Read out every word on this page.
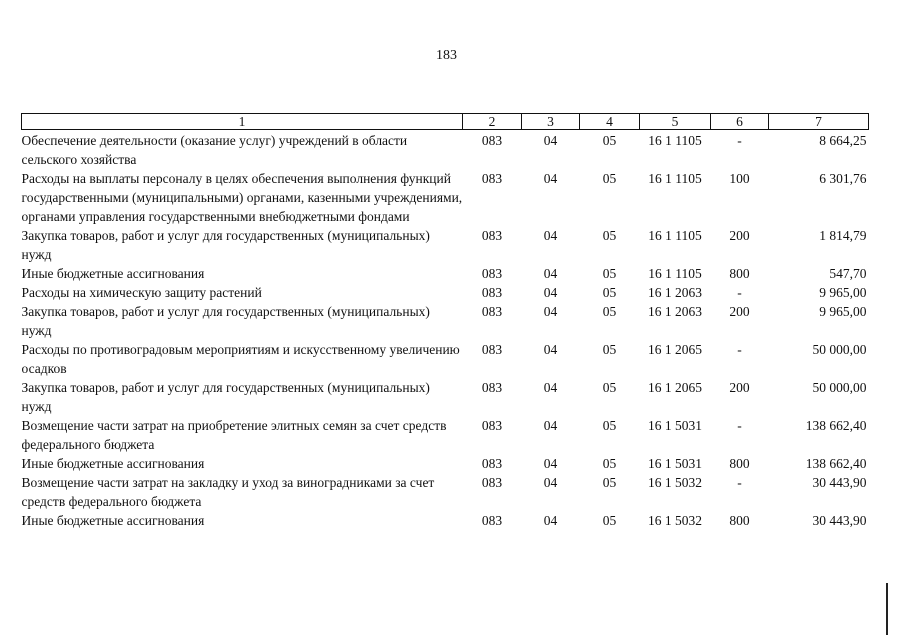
183
1	2	3	4	5	6	7
Обеспечение деятельности (оказание услуг) учреждений в области сельского хозяйства	083	04	05	16 1 1105	-	8 664,25
Расходы на выплаты персоналу в целях обеспечения выполнения функций государственными (муниципальными) органами, казенными учреждениями, органами управления государственными внебюджетными фондами	083	04	05	16 1 1105	100	6 301,76
Закупка товаров, работ и услуг для государственных (муниципальных) нужд	083	04	05	16 1 1105	200	1 814,79
Иные бюджетные ассигнования	083	04	05	16 1 1105	800	547,70
Расходы на химическую защиту растений	083	04	05	16 1 2063	-	9 965,00
Закупка товаров, работ и услуг для государственных (муниципальных) нужд	083	04	05	16 1 2063	200	9 965,00
Расходы по противоградовым мероприятиям и искусственному увеличению осадков	083	04	05	16 1 2065	-	50 000,00
Закупка товаров, работ и услуг для государственных (муниципальных) нужд	083	04	05	16 1 2065	200	50 000,00
Возмещение части затрат на приобретение элитных семян за счет средств федерального бюджета	083	04	05	16 1 5031	-	138 662,40
Иные бюджетные ассигнования	083	04	05	16 1 5031	800	138 662,40
Возмещение части затрат на закладку и уход за виноградниками за счет средств федерального бюджета	083	04	05	16 1 5032	-	30 443,90
Иные бюджетные ассигнования	083	04	05	16 1 5032	800	30 443,90
